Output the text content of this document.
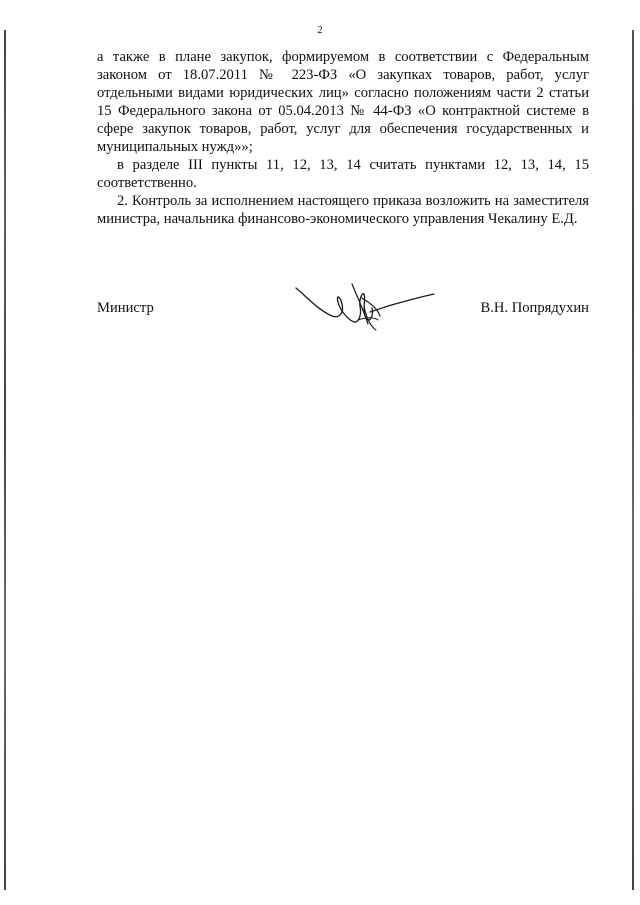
2

а также в плане закупок, формируемом в соответствии с Федеральным законом от 18.07.2011 № 223-ФЗ «О закупках товаров, работ, услуг отдельными видами юридических лиц» согласно положениям части 2 статьи 15 Федерального закона от 05.04.2013 № 44-ФЗ «О контрактной системе в сфере закупок товаров, работ, услуг для обеспечения государственных и муниципальных нужд»»;

в разделе III пункты 11, 12, 13, 14 считать пунктами 12, 13, 14, 15 соответственно.

2. Контроль за исполнением настоящего приказа возложить на заместителя министра, начальника финансово-экономического управления Чекалину Е.Д.

Министр	В.Н. Попрядухин
